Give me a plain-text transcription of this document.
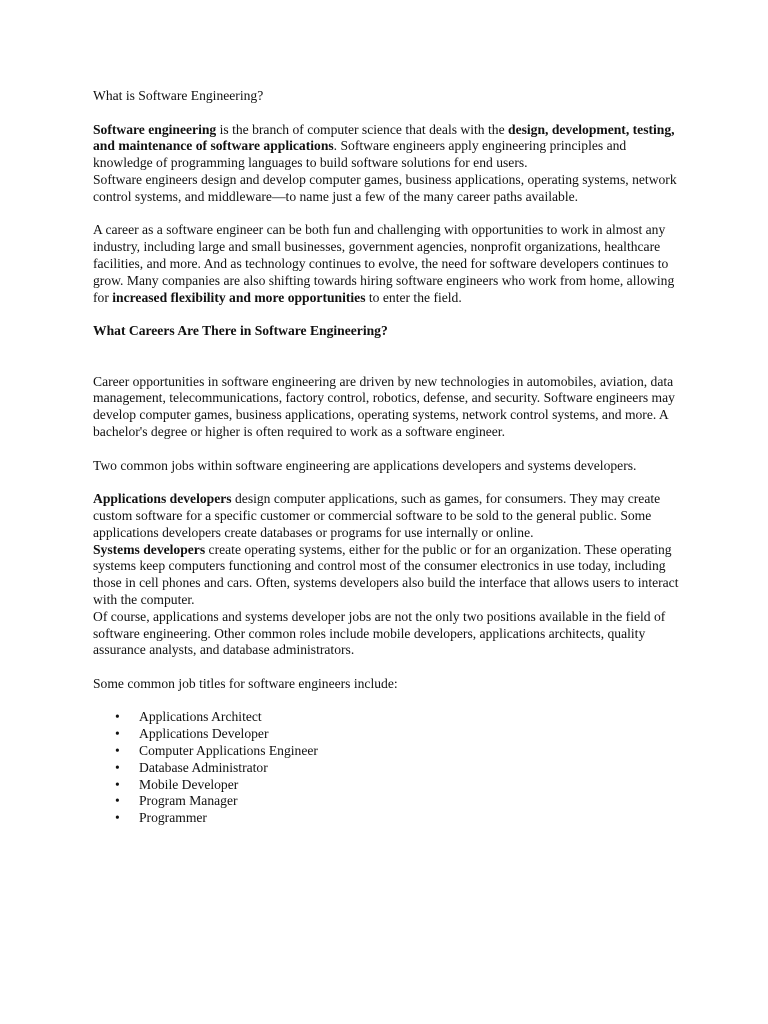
What is Software Engineering?

Software engineering is the branch of computer science that deals with the design, development, testing, and maintenance of software applications. Software engineers apply engineering principles and knowledge of programming languages to build software solutions for end users.

Software engineers design and develop computer games, business applications, operating systems, network control systems, and middleware—to name just a few of the many career paths available.

A career as a software engineer can be both fun and challenging with opportunities to work in almost any industry, including large and small businesses, government agencies, nonprofit organizations, healthcare facilities, and more. And as technology continues to evolve, the need for software developers continues to grow. Many companies are also shifting towards hiring software engineers who work from home, allowing for increased flexibility and more opportunities to enter the field.

What Careers Are There in Software Engineering?

Career opportunities in software engineering are driven by new technologies in automobiles, aviation, data management, telecommunications, factory control, robotics, defense, and security. Software engineers may develop computer games, business applications, operating systems, network control systems, and more. A bachelor's degree or higher is often required to work as a software engineer.

Two common jobs within software engineering are applications developers and systems developers.

Applications developers design computer applications, such as games, for consumers. They may create custom software for a specific customer or commercial software to be sold to the general public. Some applications developers create databases or programs for use internally or online.

Systems developers create operating systems, either for the public or for an organization. These operating systems keep computers functioning and control most of the consumer electronics in use today, including those in cell phones and cars. Often, systems developers also build the interface that allows users to interact with the computer.

Of course, applications and systems developer jobs are not the only two positions available in the field of software engineering. Other common roles include mobile developers, applications architects, quality assurance analysts, and database administrators.

Some common job titles for software engineers include:

• Applications Architect
• Applications Developer
• Computer Applications Engineer
• Database Administrator
• Mobile Developer
• Program Manager
• Programmer
